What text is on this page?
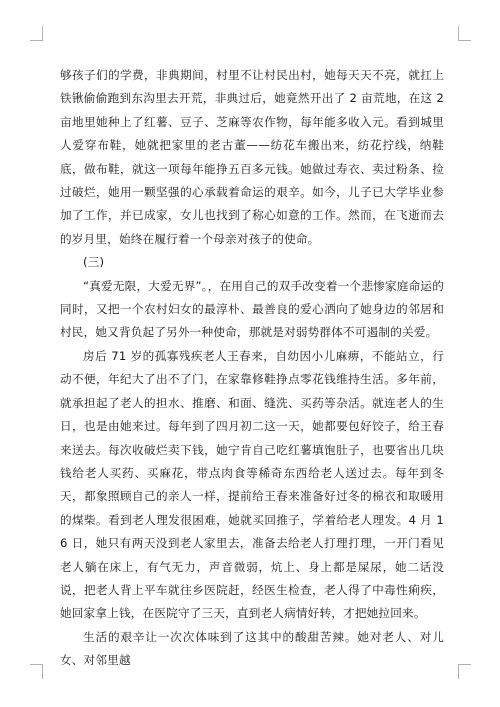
够孩子们的学费，非典期间，村里不让村民出村，她每天天不亮，就扛上铁锹偷偷跑到东沟里去开荒，非典过后，她竟然开出了 2 亩荒地，在这 2 亩地里她种上了红薯、豆子、芝麻等农作物，每年能多收入元。看到城里人爱穿布鞋，她就把家里的老古董——纺花车搬出来，纺花拧线，纳鞋底，做布鞋，就这一项每年能挣五百多元钱。她做过寿衣、卖过粉条、捡过破烂，她用一颗坚强的心承载着命运的艰辛。如今，儿子已大学毕业参加了工作，并已成家，女儿也找到了称心如意的工作。然而，在飞逝而去的岁月里，始终在履行着一个母亲对孩子的使命。

(三)

“真爱无限，大爱无界”。，在用自己的双手改变着一个悲惨家庭命运的同时，又把一个农村妇女的最淳朴、最善良的爱心洒向了她身边的邻居和村民，她又背负起了另外一种使命，那就是对弱势群体不可遏制的关爱。

房后 71 岁的孤寡残疾老人王春来，自幼因小儿麻痹，不能站立，行动不便，年纪大了出不了门，在家靠修鞋挣点零花钱维持生活。多年前，就承担起了老人的担水、推磨、和面、缝洗、买药等杂活。就连老人的生日，也是由她来过。每年到了四月初二这一天，她都要包好饺子，给王春来送去。每次收破烂卖下钱，她宁肯自己吃红薯填饱肚子，也要省出几块钱给老人买药、买麻花，带点肉食等稀奇东西给老人送过去。每年到冬天，都象照顾自己的亲人一样，提前给王春来准备好过冬的棉衣和取暖用的煤柴。看到老人理发很困难，她就买回推子，学着给老人理发。4 月 16 日，她只有两天没到老人家里去，准备去给老人打理打理，一开门看见老人躺在床上，有气无力，声音微弱，炕上、身上都是屎尿，她二话没说，把老人背上平车就往乡医院赶，经医生检查，老人得了中毒性痢疾，她回家拿上钱，在医院守了三天，直到老人病情好转，才把她拉回来。

生活的艰辛让一次次体味到了这其中的酸甜苦辣。她对老人、对儿女、对邻里越
